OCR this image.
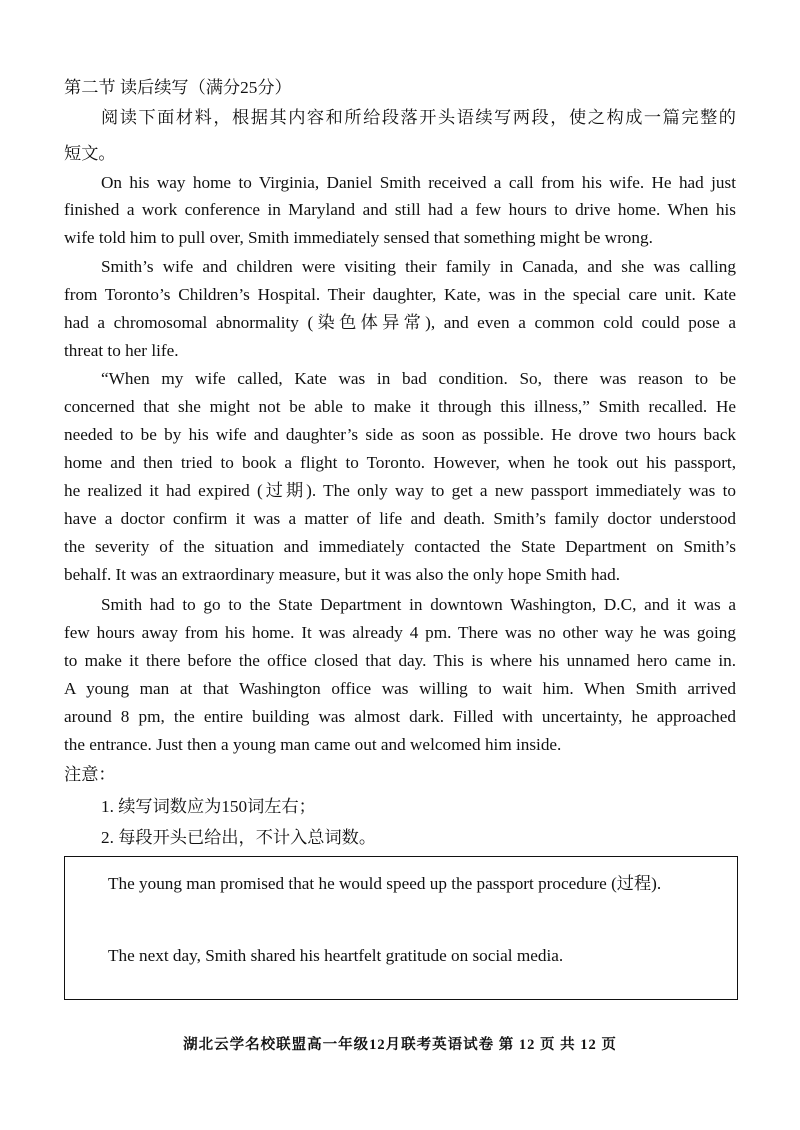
第二节 读后续写（满分25分）
阅读下面材料，根据其内容和所给段落开头语续写两段，使之构成一篇完整的
短文。
On his way home to Virginia, Daniel Smith received a call from his wife. He had just
finished a work conference in Maryland and still had a few hours to drive home. When his
wife told him to pull over, Smith immediately sensed that something might be wrong.
Smith’s wife and children were visiting their family in Canada, and she was calling
from Toronto’s Children’s Hospital. Their daughter, Kate, was in the special care unit. Kate
had a chromosomal abnormality (染色体异常), and even a common cold could pose a
threat to her life.
“When my wife called, Kate was in bad condition. So, there was reason to be
concerned that she might not be able to make it through this illness,” Smith recalled. He
needed to be by his wife and daughter’s side as soon as possible. He drove two hours back
home and then tried to book a flight to Toronto. However, when he took out his passport,
he realized it had expired (过期). The only way to get a new passport immediately was to
have a doctor confirm it was a matter of life and death. Smith’s family doctor understood
the severity of the situation and immediately contacted the State Department on Smith’s
behalf. It was an extraordinary measure, but it was also the only hope Smith had.
Smith had to go to the State Department in downtown Washington, D.C, and it was a
few hours away from his home. It was already 4 pm. There was no other way he was going
to make it there before the office closed that day. This is where his unnamed hero came in.
A young man at that Washington office was willing to wait him. When Smith arrived
around 8 pm, the entire building was almost dark. Filled with uncertainty, he approached
the entrance. Just then a young man came out and welcomed him inside.
注意：
1. 续写词数应为150词左右；
2. 每段开头已给出，不计入总词数。
The young man promised that he would speed up the passport procedure (过程).
The next day, Smith shared his heartfelt gratitude on social media.
湖北云学名校联盟高一年级12月联考英语试卷 第 12 页 共 12 页
